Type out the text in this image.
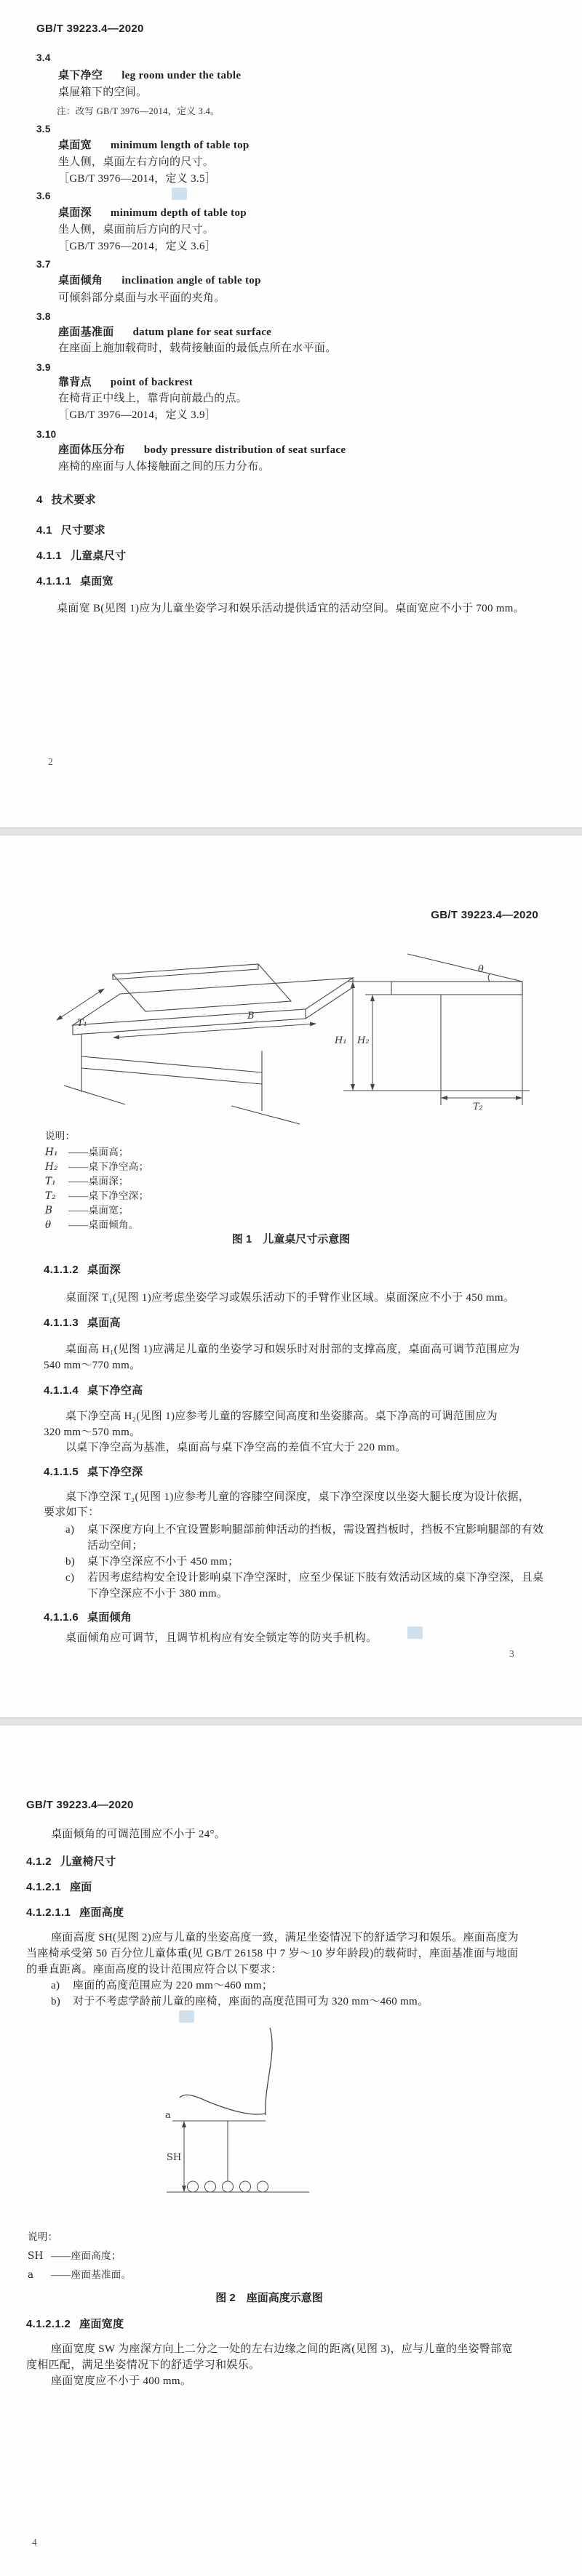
GB/T 39223.4—2020
3.4
桌下净空 leg room under the table
桌屉箱下的空间。
注：改写 GB/T 3976—2014，定义 3.4。
3.5
桌面宽 minimum length of table top
坐人侧，桌面左右方向的尺寸。
［GB/T 3976—2014，定义 3.5］
3.6
桌面深 minimum depth of table top
坐人侧，桌面前后方向的尺寸。
［GB/T 3976—2014，定义 3.6］
3.7
桌面倾角 inclination angle of table top
可倾斜部分桌面与水平面的夹角。
3.8
座面基准面 datum plane for seat surface
在座面上施加载荷时，载荷接触面的最低点所在水平面。
3.9
靠背点 point of backrest
在椅背正中线上，靠背向前最凸的点。
［GB/T 3976—2014，定义 3.9］
3.10
座面体压分布 body pressure distribution of seat surface
座椅的座面与人体接触面之间的压力分布。
4 技术要求
4.1 尺寸要求
4.1.1 儿童桌尺寸
4.1.1.1 桌面宽
桌面宽 B(见图 1)应为儿童坐姿学习和娱乐活动提供适宜的活动空间。桌面宽应不小于 700 mm。
2
GB/T 39223.4—2020
T₁
B
θ
H₁ H₂
T₂
说明：
H₁ ——桌面高；
H₂ ——桌下净空高；
T₁ ——桌面深；
T₂ ——桌下净空深；
B ——桌面宽；
θ ——桌面倾角。
图 1　儿童桌尺寸示意图
4.1.1.2 桌面深
桌面深 T₁(见图 1)应考虑坐姿学习或娱乐活动下的手臂作业区域。桌面深应不小于 450 mm。
4.1.1.3 桌面高
桌面高 H₁(见图 1)应满足儿童的坐姿学习和娱乐时对肘部的支撑高度，桌面高可调节范围应为
540 mm～770 mm。
4.1.1.4 桌下净空高
桌下净空高 H₂(见图 1)应参考儿童的容膝空间高度和坐姿膝高。桌下净高的可调范围应为
320 mm～570 mm。
以桌下净空高为基准，桌面高与桌下净空高的差值不宜大于 220 mm。
4.1.1.5 桌下净空深
桌下净空深 T₂(见图 1)应参考儿童的容膝空间深度，桌下净空深度以坐姿大腿长度为设计依据，
要求如下：
a) 桌下深度方向上不宜设置影响腿部前伸活动的挡板，需设置挡板时，挡板不宜影响腿部的有效
活动空间；
b) 桌下净空深应不小于 450 mm；
c) 若因考虑结构安全设计影响桌下净空深时，应至少保证下肢有效活动区域的桌下净空深，且桌
下净空深应不小于 380 mm。
4.1.1.6 桌面倾角
桌面倾角应可调节，且调节机构应有安全锁定等的防夹手机构。
3
GB/T 39223.4—2020
桌面倾角的可调范围应不小于 24°。
4.1.2 儿童椅尺寸
4.1.2.1 座面
4.1.2.1.1 座面高度
座面高度 SH(见图 2)应与儿童的坐姿高度一致，满足坐姿情况下的舒适学习和娱乐。座面高度为
当座椅承受第 50 百分位儿童体重(见 GB/T 26158 中 7 岁～10 岁年龄段)的载荷时，座面基准面与地面
的垂直距离。座面高度的设计范围应符合以下要求：
a) 座面的高度范围应为 220 mm～460 mm；
b) 对于不考虑学龄前儿童的座椅，座面的高度范围可为 320 mm～460 mm。
a
SH
说明：
SH ——座面高度；
a ——座面基准面。
图 2　座面高度示意图
4.1.2.1.2 座面宽度
座面宽度 SW 为座深方向上二分之一处的左右边缘之间的距离(见图 3)，应与儿童的坐姿臀部宽
度相匹配，满足坐姿情况下的舒适学习和娱乐。
座面宽度应不小于 400 mm。
4
